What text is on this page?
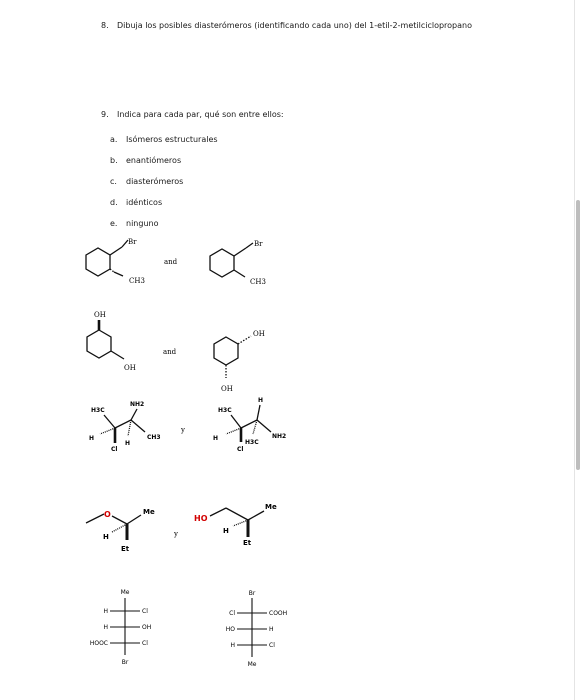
8. Dibuja los posibles diasterómeros (identificando cada uno) del 1-etil-2-metilciclopropano
9. Indica para cada par, qué son entre ellos:
a. Isómeros estructurales
b. enantiómeros
c. diasterómeros
d. idénticos
e. ninguno
Br
CH3
and
Br
CH3
OH
OH
and
OH
OH
H3C
NH2
H
H
Cl
CH3
y
H3C
H
H
H3C
Cl
NH2
O	Me
H
Et
y
HO
Me
H
Et
Me
H	Cl
H	OH
HOOC	Cl
Br
Br
Cl	COOH
HO	H
H	Cl
Me
